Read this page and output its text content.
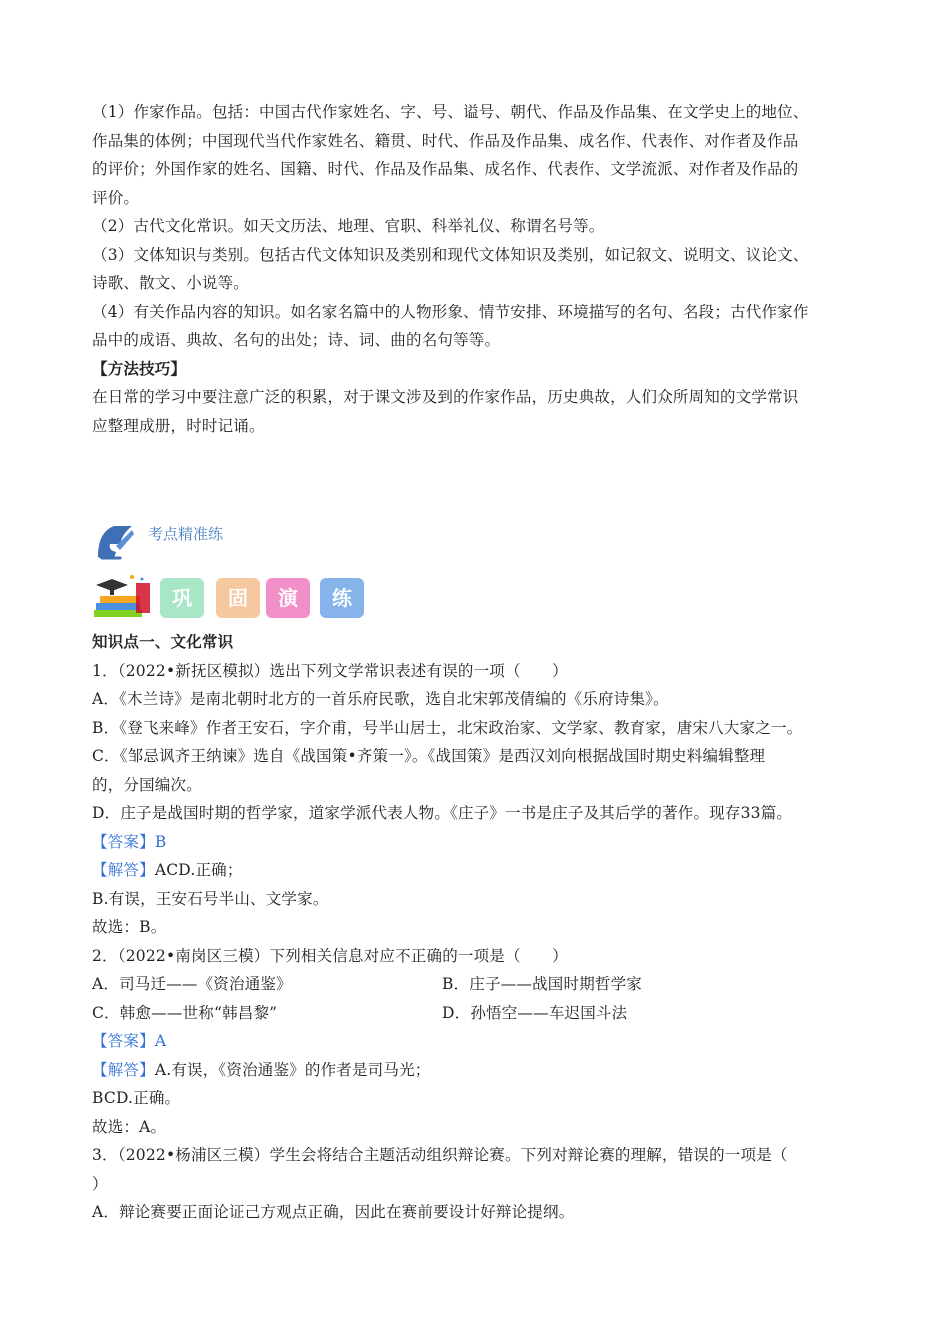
（1）作家作品。包括：中国古代作家姓名、字、号、谥号、朝代、作品及作品集、在文学史上的地位、
作品集的体例；中国现代当代作家姓名、籍贯、时代、作品及作品集、成名作、代表作、对作者及作品
的评价；外国作家的姓名、国籍、时代、作品及作品集、成名作、代表作、文学流派、对作者及作品的
评价。
（2）古代文化常识。如天文历法、地理、官职、科举礼仪、称谓名号等。
（3）文体知识与类别。包括古代文体知识及类别和现代文体知识及类别，如记叙文、说明文、议论文、
诗歌、散文、小说等。
（4）有关作品内容的知识。如名家名篇中的人物形象、情节安排、环境描写的名句、名段；古代作家作
品中的成语、典故、名句的出处；诗、词、曲的名句等等。
【方法技巧】
在日常的学习中要注意广泛的积累，对于课文涉及到的作家作品，历史典故，人们众所周知的文学常识
应整理成册，时时记诵。
考点精准练
巩	固	演	练
知识点一、文化常识
1．（2022•新抚区模拟）选出下列文学常识表述有误的一项（　　）
A．《木兰诗》是南北朝时北方的一首乐府民歌，选自北宋郭茂倩编的《乐府诗集》。
B．《登飞来峰》作者王安石，字介甫，号半山居士，北宋政治家、文学家、教育家，唐宋八大家之一。
C．《邹忌讽齐王纳谏》选自《战国策•齐策一》。《战国策》是西汉刘向根据战国时期史料编辑整理
的，分国编次。
D．庄子是战国时期的哲学家，道家学派代表人物。《庄子》一书是庄子及其后学的著作。现存33篇。
【答案】B
【解答】ACD.正确；
B.有误，王安石号半山、文学家。
故选：B。
2．（2022•南岗区三模）下列相关信息对应不正确的一项是（　　）
A．司马迁——《资治通鉴》	B．庄子——战国时期哲学家
C．韩愈——世称“韩昌黎”	D．孙悟空——车迟国斗法
【答案】A
【解答】A.有误，《资治通鉴》的作者是司马光；
BCD.正确。
故选：A。
3．（2022•杨浦区三模）学生会将结合主题活动组织辩论赛。下列对辩论赛的理解，错误的一项是（
）
A．辩论赛要正面论证己方观点正确，因此在赛前要设计好辩论提纲。
